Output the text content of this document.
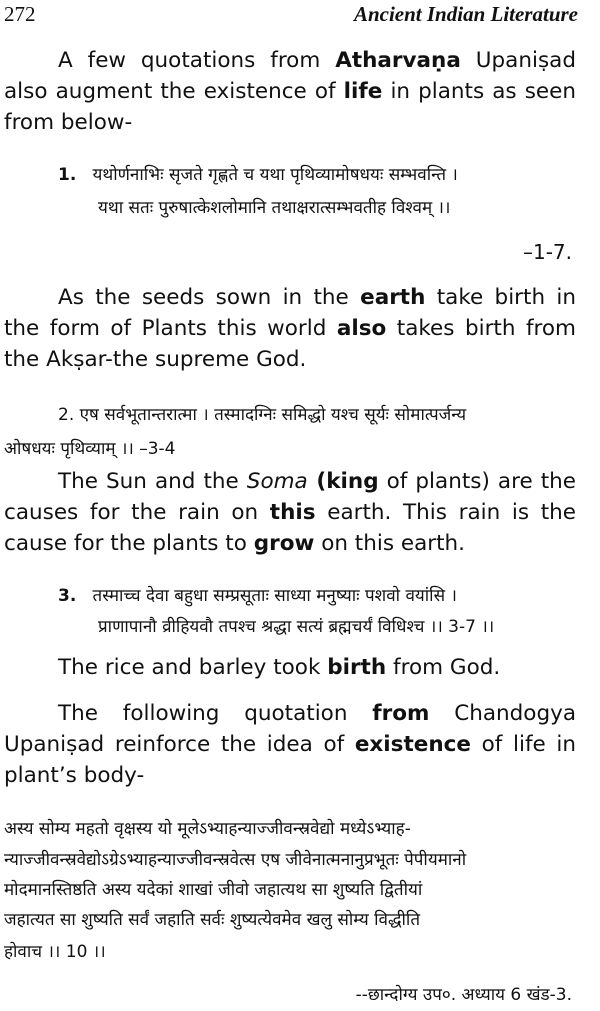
272	Ancient Indian Literature
A few quotations from Atharvaṇa Upaniṣad also augment the existence of life in plants as seen from below-
1. यथोर्णनाभिः सृजते गृह्णते च यथा पृथिव्यामोषधयः सम्भवन्ति ।
यथा सतः पुरुषात्केशलोमानि तथाक्षरात्सम्भवतीह विश्वम् ।।
–1-7.
As the seeds sown in the earth take birth in the form of Plants this world also takes birth from the Akṣar-the supreme God.
2. एष सर्वभूतान्तरात्मा । तस्मादग्निः समिद्धो यश्च सूर्यः सोमात्पर्जन्य
ओषधयः पृथिव्याम् ।। –3-4
The Sun and the Soma (king of plants) are the causes for the rain on this earth. This rain is the cause for the plants to grow on this earth.
3. तस्माच्च देवा बहुधा सम्प्रसूताः साध्या मनुष्याः पशवो वयांसि ।
प्राणापानौ व्रीहियवौ तपश्च श्रद्धा सत्यं ब्रह्मचर्यं विधिश्च ।। 3-7 ।।
The rice and barley took birth from God.
The following quotation from Chandogya Upaniṣad reinforce the idea of existence of life in plant’s body-
अस्य सोम्य महतो वृक्षस्य यो मूलेऽभ्याहन्याज्जीवन्स्रवेद्यो मध्येऽभ्याह-
न्याज्जीवन्स्रवेद्योऽग्रेऽभ्याहन्याज्जीवन्स्रवेत्स एष जीवेनात्मनानुप्रभूतः पेपीयमानो
मोदमानस्तिष्ठति अस्य यदेकां शाखां जीवो जहात्यथ सा शुष्यति द्वितीयां
जहात्यत सा शुष्यति सर्वं जहाति सर्वः शुष्यत्येवमेव खलु सोम्य विद्धीति
होवाच ।। 10 ।।
--छान्दोग्य उप०. अध्याय 6 खंड-3.
